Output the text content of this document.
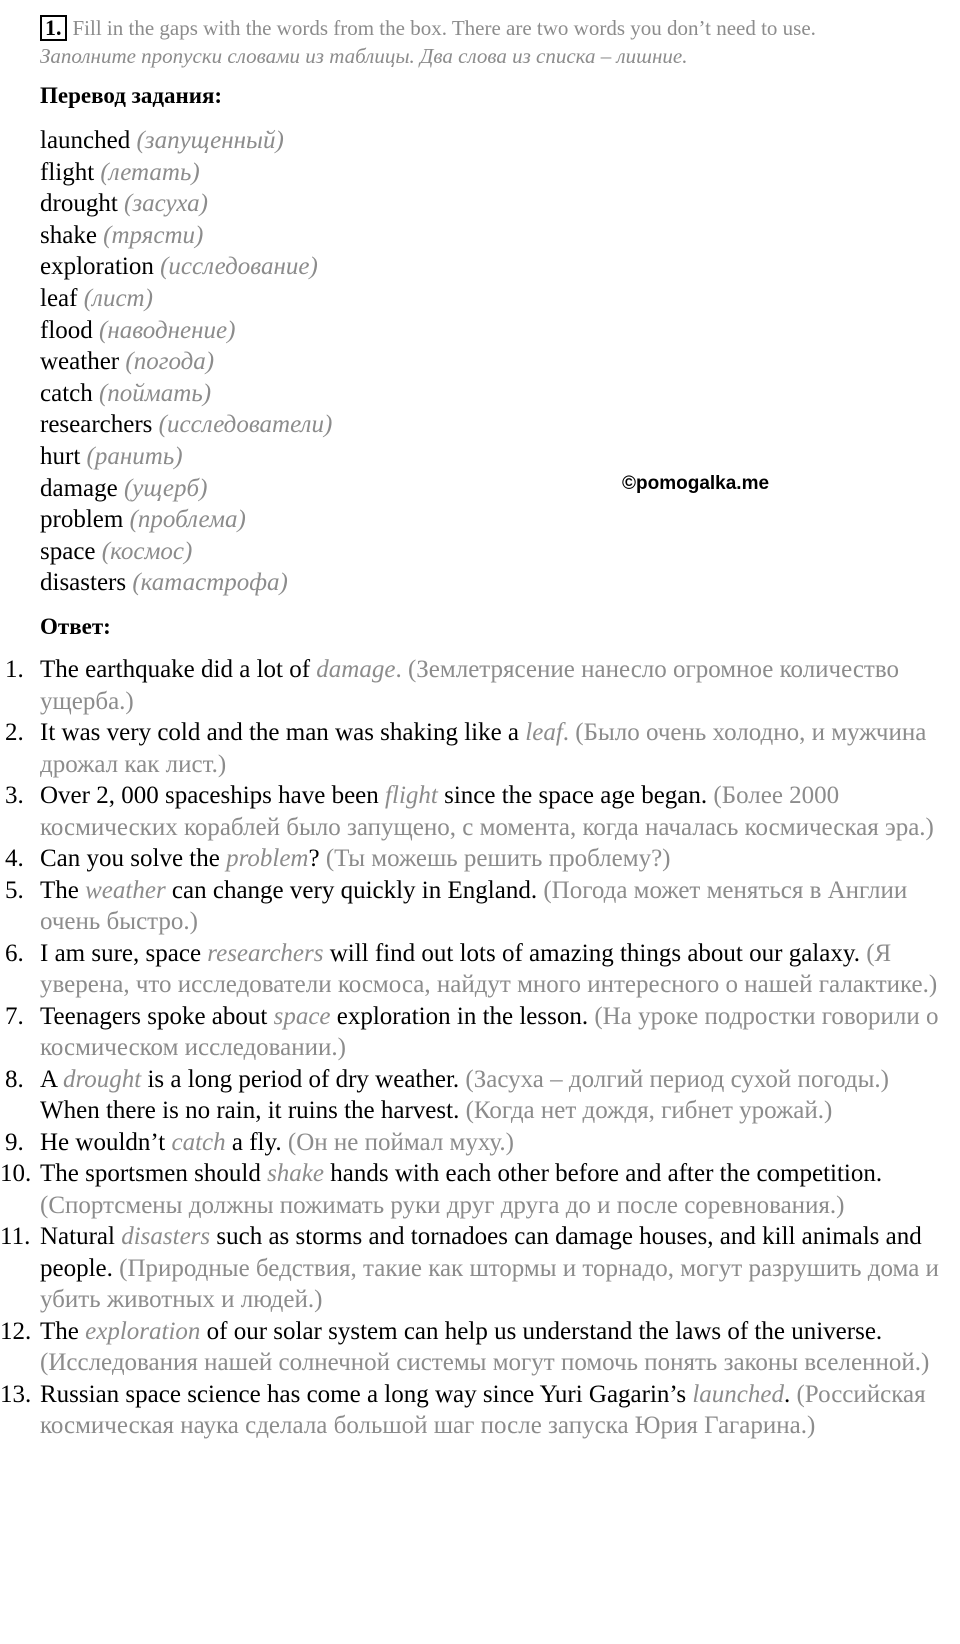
1. Fill in the gaps with the words from the box. There are two words you don’t need to use.
Заполните пропуски словами из таблицы. Два слова из списка – лишние.
Перевод задания:
launched (запущенный)
flight (летать)
drought (засуха)
shake (трясти)
exploration (исследование)
leaf (лист)
flood (наводнение)
weather (погода)
catch (поймать)
researchers (исследователи)
hurt (ранить)
damage (ущерб)
problem (проблема)
space (космос)
disasters (катастрофа)
©pomogalka.me
Ответ:
1. The earthquake did a lot of damage. (Землетрясение нанесло огромное количество ущерба.)
2. It was very cold and the man was shaking like a leaf. (Было очень холодно, и мужчина дрожал как лист.)
3. Over 2, 000 spaceships have been flight since the space age began. (Более 2000 космических кораблей было запущено, с момента, когда началась космическая эра.)
4. Can you solve the problem? (Ты можешь решить проблему?)
5. The weather can change very quickly in England. (Погода может меняться в Англии очень быстро.)
6. I am sure, space researchers will find out lots of amazing things about our galaxy. (Я уверена, что исследователи космоса, найдут много интересного о нашей галактике.)
7. Teenagers spoke about space exploration in the lesson. (На уроке подростки говорили о космическом исследовании.)
8. A drought is a long period of dry weather. (Засуха – долгий период сухой погоды.) When there is no rain, it ruins the harvest. (Когда нет дождя, гибнет урожай.)
9. He wouldn’t catch a fly. (Он не поймал муху.)
10. The sportsmen should shake hands with each other before and after the competition. (Спортсмены должны пожимать руки друг друга до и после соревнования.)
11. Natural disasters such as storms and tornadoes can damage houses, and kill animals and people. (Природные бедствия, такие как штормы и торнадо, могут разрушить дома и убить животных и людей.)
12. The exploration of our solar system can help us understand the laws of the universe. (Исследования нашей солнечной системы могут помочь понять законы вселенной.)
13. Russian space science has come a long way since Yuri Gagarin’s launched. (Российская космическая наука сделала большой шаг после запуска Юрия Гагарина.)
